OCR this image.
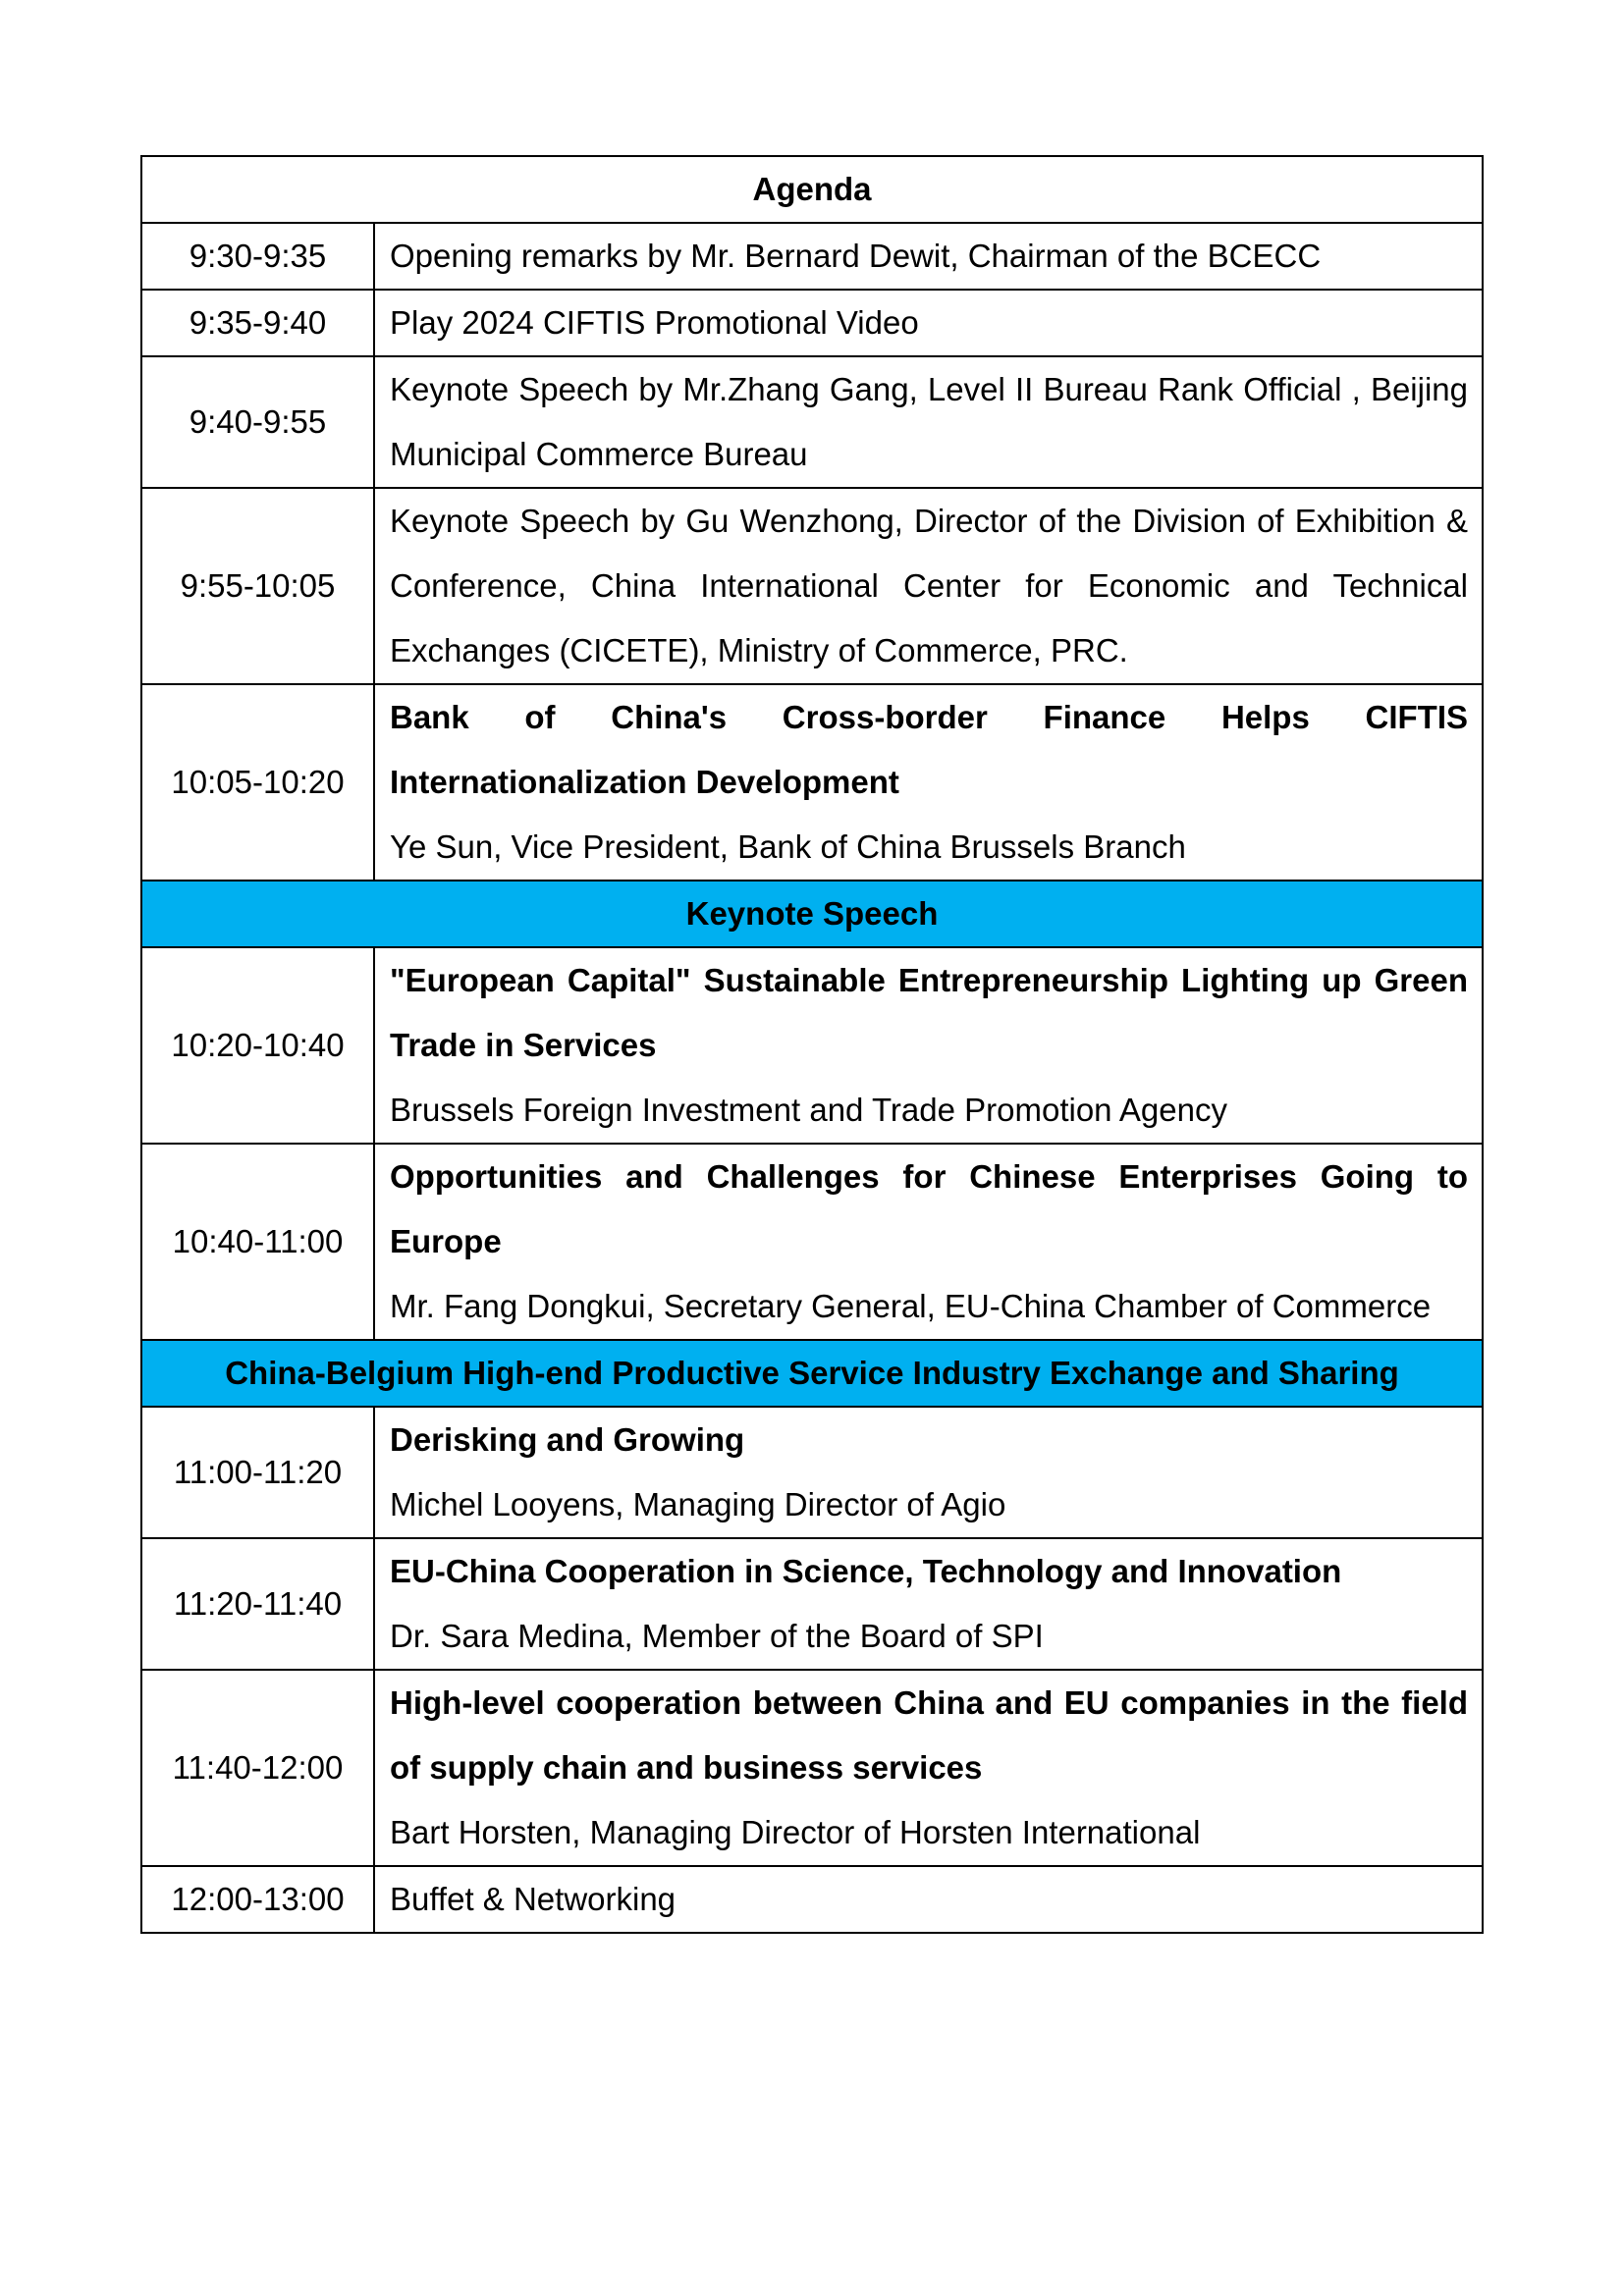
Agenda	
9:30-9:35	Opening remarks by Mr. Bernard Dewit, Chairman of the BCECC

9:35-9:40	Play 2024 CIFTIS Promotional Video

9:40-9:55	Keynote Speech by Mr.Zhang Gang, Level II Bureau Rank Official , Beijing Municipal Commerce Bureau

9:55-10:05	Keynote Speech by Gu Wenzhong, Director of the Division of Exhibition & Conference, China International Center for Economic and Technical Exchanges (CICETE), Ministry of Commerce, PRC.

10:05-10:20	Bank of China's Cross-border Finance Helps CIFTIS Internationalization Development
Ye Sun, Vice President, Bank of China Brussels Branch

Keynote Speech	
10:20-10:40	"European Capital" Sustainable Entrepreneurship Lighting up Green Trade in Services
Brussels Foreign Investment and Trade Promotion Agency

10:40-11:00	Opportunities and Challenges for Chinese Enterprises Going to Europe
Mr. Fang Dongkui, Secretary General, EU-China Chamber of Commerce

China-Belgium High-end Productive Service Industry Exchange and Sharing	
11:00-11:20	Derisking and Growing
Michel Looyens, Managing Director of Agio

11:20-11:40	EU-China Cooperation in Science, Technology and Innovation
Dr. Sara Medina, Member of the Board of SPI

11:40-12:00	High-level cooperation between China and EU companies in the field of supply chain and business services
Bart Horsten, Managing Director of Horsten International

12:00-13:00	Buffet & Networking
